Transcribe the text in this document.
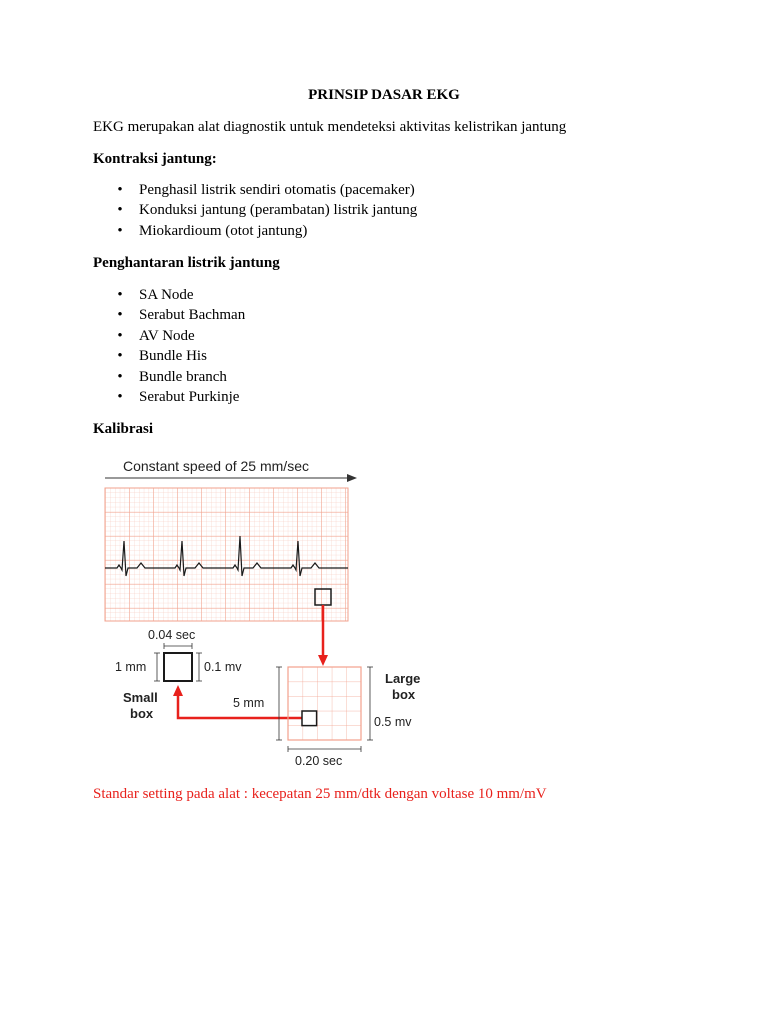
PRINSIP DASAR EKG
EKG merupakan alat diagnostik untuk mendeteksi aktivitas kelistrikan jantung
Kontraksi jantung:
• Penghasil listrik sendiri otomatis (pacemaker)
• Konduksi jantung (perambatan) listrik jantung
• Miokardioum (otot jantung)
Penghantaran listrik jantung
• SA Node
• Serabut Bachman
• AV Node
• Bundle His
• Bundle branch
• Serabut Purkinje
Kalibrasi
Constant speed of 25 mm/sec
0.04 sec
1 mm	0.1 mv
Small
box
5 mm
Large
box
0.5 mv
0.20 sec
Standar setting pada alat : kecepatan 25 mm/dtk dengan voltase 10 mm/mV
